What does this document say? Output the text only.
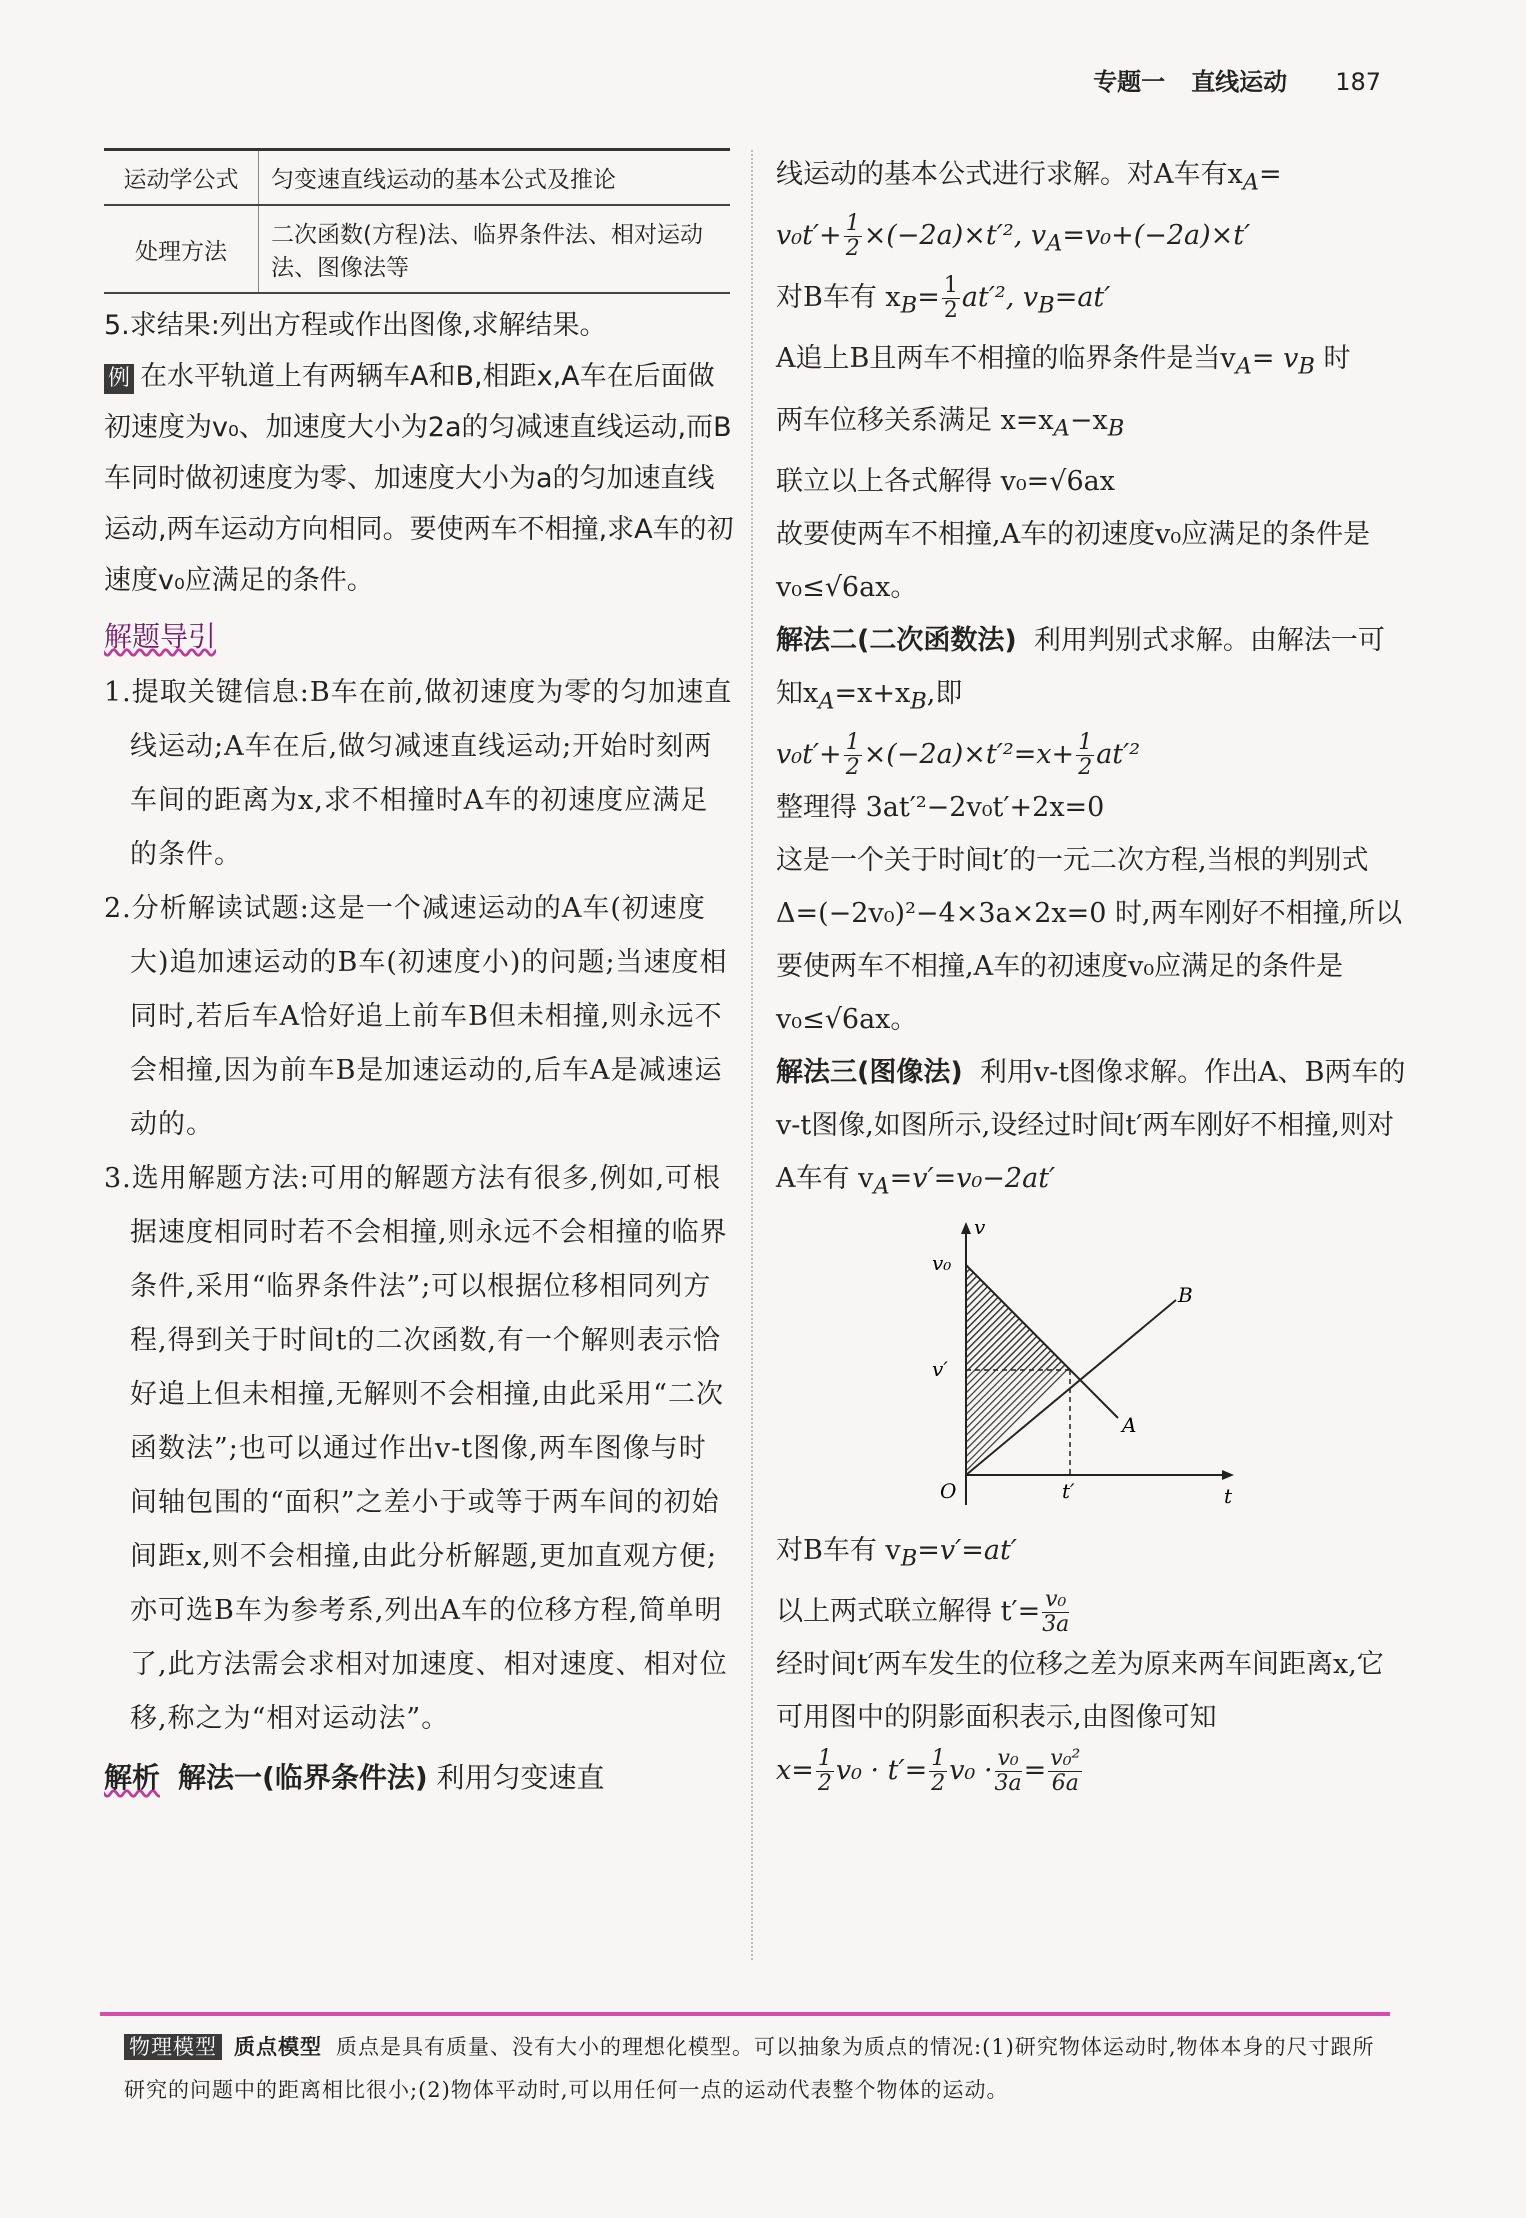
专题一 直线运动 187
运动学公式	匀变速直线运动的基本公式及推论
处理方法	二次函数(方程)法、临界条件法、相对运动法、图像法等

5.求结果:列出方程或作出图像,求解结果。

例 在水平轨道上有两辆车A和B,相距x,A车在后面做初速度为v₀、加速度大小为2a的匀减速直线运动,而B车同时做初速度为零、加速度大小为a的匀加速直线运动,两车运动方向相同。要使两车不相撞,求A车的初速度v₀应满足的条件。

解题导引

1.提取关键信息:B车在前,做初速度为零的匀加速直线运动;A车在后,做匀减速直线运动;开始时刻两车间的距离为x,求不相撞时A车的初速度应满足的条件。

2.分析解读试题:这是一个减速运动的A车(初速度大)追加速运动的B车(初速度小)的问题;当速度相同时,若后车A恰好追上前车B但未相撞,则永远不会相撞,因为前车B是加速运动的,后车A是减速运动的。

3.选用解题方法:可用的解题方法有很多,例如,可根据速度相同时若不会相撞,则永远不会相撞的临界条件,采用“临界条件法”;可以根据位移相同列方程,得到关于时间t的二次函数,有一个解则表示恰好追上但未相撞,无解则不会相撞,由此采用“二次函数法”;也可以通过作出v-t图像,两车图像与时间轴包围的“面积”之差小于或等于两车间的初始间距x,则不会相撞,由此分析解题,更加直观方便;亦可选B车为参考系,列出A车的位移方程,简单明了,此方法需会求相对加速度、相对速度、相对位移,称之为“相对运动法”。

解析 解法一(临界条件法) 利用匀变速直

线运动的基本公式进行求解。对A车有$x_A=$

$v_0t'+ \frac{1}{2} \times(-2a)\times t'^2$, $v_A=v_0+(-2a)\times t'$

对B车有 $x_B= \frac{1}{2} at'^2$, $v_B=at'$

A追上B且两车不相撞的临界条件是当$v_A= v_B$ 时

两车位移关系满足 $x=x_A-x_B$

联立以上各式解得 v₀=√6ax

故要使两车不相撞,A车的初速度v₀应满足的条件是 v₀≤√6ax。

解法二(二次函数法) 利用判别式求解。由解法一可知$x_A=x+x_B$,即

$v_0t'+ \frac{1}{2} \times(-2a)\times t'^2=x+ \frac{1}{2} at'^2$

整理得 3at′²−2v₀t′+2x=0

这是一个关于时间t′的一元二次方程,当根的判别式 Δ=(−2v₀)²−4×3a×2x=0 时,两车刚好不相撞,所以要使两车不相撞,A车的初速度v₀应满足的条件是 v₀≤√6ax。

解法三(图像法) 利用v-t图像求解。作出A、B两车的v-t图像,如图所示,设经过时间t′两车刚好不相撞,则对A车有 $v_A=v'=v_0-2at'$

v
t
O
v₀
v′
t′
A
B

对B车有 $v_B=v'=at'$

以上两式联立解得 $t'= \frac{\text{v₀}}{3a}$

经时间t′两车发生的位移之差为原来两车间距离x,它可用图中的阴影面积表示,由图像可知

$x= \frac{1}{2} v_0 \cdot t'= \frac{1}{2} v_0 \cdot \frac{\text{v₀}}{3a} = \frac{\text{v₀²}}{6a}$

物理模型 质点模型 质点是具有质量、没有大小的理想化模型。可以抽象为质点的情况:(1)研究物体运动时,物体本身的尺寸跟所研究的问题中的距离相比很小;(2)物体平动时,可以用任何一点的运动代表整个物体的运动。
